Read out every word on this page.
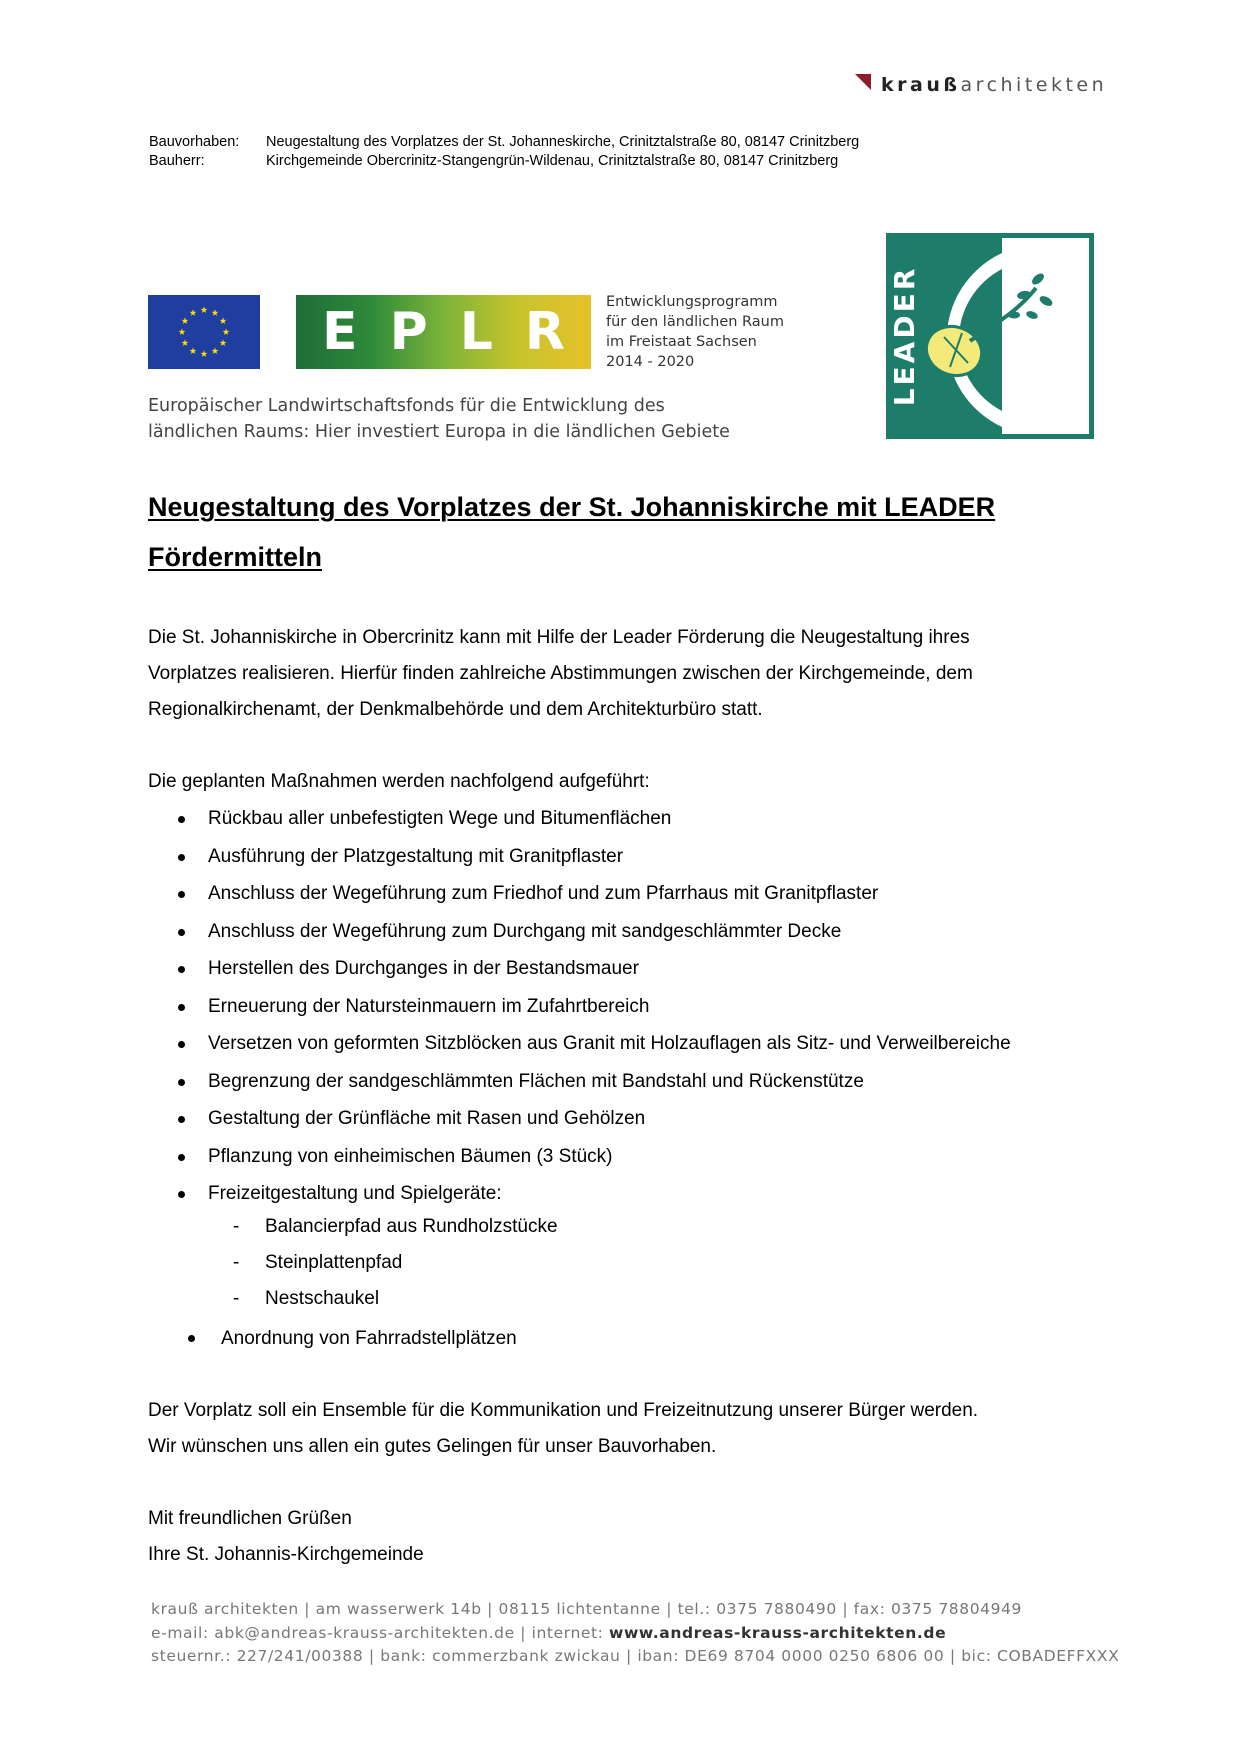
krauß architekten
Bauvorhaben:	Neugestaltung des Vorplatzes der St. Johanneskirche, Crinitztalstraße 80, 08147 Crinitzberg
Bauherr:	Kirchgemeinde Obercrinitz-Stangengrün-Wildenau, Crinitztalstraße 80, 08147 Crinitzberg
E P L R	Entwicklungsprogramm
für den ländlichen Raum
im Freistaat Sachsen
2014 - 2020
Europäischer Landwirtschaftsfonds für die Entwicklung des
ländlichen Raums: Hier investiert Europa in die ländlichen Gebiete
LEADER
Neugestaltung des Vorplatzes der St. Johanniskirche mit LEADER
Fördermitteln
Die St. Johanniskirche in Obercrinitz kann mit Hilfe der Leader Förderung die Neugestaltung ihres
Vorplatzes realisieren. Hierfür finden zahlreiche Abstimmungen zwischen der Kirchgemeinde, dem
Regionalkirchenamt, der Denkmalbehörde und dem Architekturbüro statt.
Die geplanten Maßnahmen werden nachfolgend aufgeführt:
Rückbau aller unbefestigten Wege und Bitumenflächen
Ausführung der Platzgestaltung mit Granitpflaster
Anschluss der Wegeführung zum Friedhof und zum Pfarrhaus mit Granitpflaster
Anschluss der Wegeführung zum Durchgang mit sandgeschlämmter Decke
Herstellen des Durchganges in der Bestandsmauer
Erneuerung der Natursteinmauern im Zufahrtbereich
Versetzen von geformten Sitzblöcken aus Granit mit Holzauflagen als Sitz- und Verweilbereiche
Begrenzung der sandgeschlämmten Flächen mit Bandstahl und Rückenstütze
Gestaltung der Grünfläche mit Rasen und Gehölzen
Pflanzung von einheimischen Bäumen (3 Stück)
Freizeitgestaltung und Spielgeräte:
-	Balancierpfad aus Rundholzstücke
-	Steinplattenpfad
-	Nestschaukel
Anordnung von Fahrradstellplätzen
Der Vorplatz soll ein Ensemble für die Kommunikation und Freizeitnutzung unserer Bürger werden.
Wir wünschen uns allen ein gutes Gelingen für unser Bauvorhaben.
Mit freundlichen Grüßen
Ihre St. Johannis-Kirchgemeinde
krauß architekten | am wasserwerk 14b | 08115 lichtentanne | tel.: 0375 7880490 | fax: 0375 78804949
e-mail: abk@andreas-krauss-architekten.de | internet: www.andreas-krauss-architekten.de
steuernr.: 227/241/00388 | bank: commerzbank zwickau | iban: DE69 8704 0000 0250 6806 00 | bic: COBADEFFXXX
